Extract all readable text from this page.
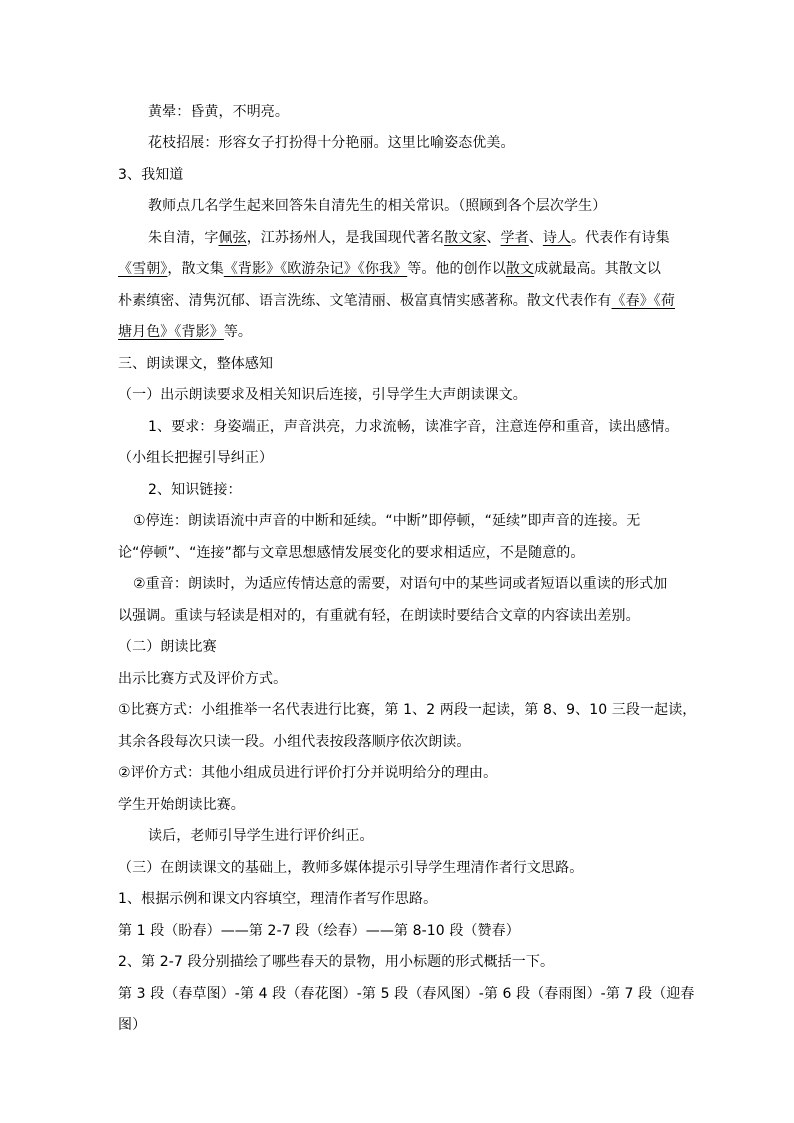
黄晕：昏黄，不明亮。
花枝招展：形容女子打扮得十分艳丽。这里比喻姿态优美。
3、我知道
教师点几名学生起来回答朱自清先生的相关常识。（照顾到各个层次学生）
朱自清，字佩弦，江苏扬州人，是我国现代著名散文家、学者、诗人。代表作有诗集
《雪朝》，散文集《背影》《欧游杂记》《你我》等。他的创作以散文成就最高。其散文以
朴素缜密、清隽沉郁、语言洗练、文笔清丽、极富真情实感著称。散文代表作有《春》《荷
塘月色》《背影》等。
三、朗读课文，整体感知
（一）出示朗读要求及相关知识后连接，引导学生大声朗读课文。
1、要求：身姿端正，声音洪亮，力求流畅，读准字音，注意连停和重音，读出感情。
（小组长把握引导纠正）
2、知识链接：
①停连：朗读语流中声音的中断和延续。“中断”即停顿，“延续”即声音的连接。无
论“停顿”、“连接”都与文章思想感情发展变化的要求相适应，不是随意的。
②重音：朗读时，为适应传情达意的需要，对语句中的某些词或者短语以重读的形式加
以强调。重读与轻读是相对的，有重就有轻，在朗读时要结合文章的内容读出差别。
（二）朗读比赛
出示比赛方式及评价方式。
①比赛方式：小组推举一名代表进行比赛，第 1、2 两段一起读，第 8、9、10 三段一起读，
其余各段每次只读一段。小组代表按段落顺序依次朗读。
②评价方式：其他小组成员进行评价打分并说明给分的理由。
学生开始朗读比赛。
读后，老师引导学生进行评价纠正。
（三）在朗读课文的基础上，教师多媒体提示引导学生理清作者行文思路。
1、根据示例和课文内容填空，理清作者写作思路。
第 1 段（盼春）——第 2-7 段（绘春）——第 8-10 段（赞春）
2、第 2-7 段分别描绘了哪些春天的景物，用小标题的形式概括一下。
第 3 段（春草图）-第 4 段（春花图）-第 5 段（春风图）-第 6 段（春雨图）-第 7 段（迎春
图）
